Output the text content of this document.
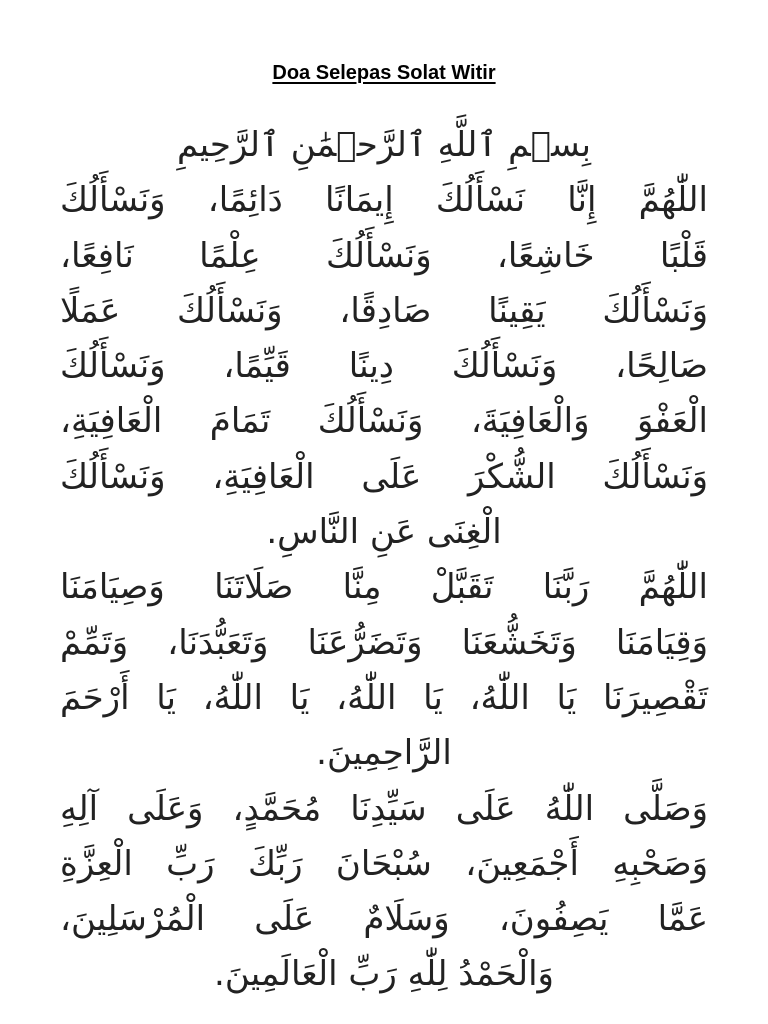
Doa Selepas Solat Witir
بِسۡمِ ٱللَّهِ ٱلرَّحۡمَٰنِ ٱلرَّحِيمِ
اللّٰهُمَّ إِنَّا نَسْأَلُكَ إِيمَانًا دَائِمًا، وَنَسْأَلُكَ
قَلْبًا خَاشِعًا، وَنَسْأَلُكَ عِلْمًا نَافِعًا،
وَنَسْأَلُكَ يَقِينًا صَادِقًا، وَنَسْأَلُكَ عَمَلًا
صَالِحًا، وَنَسْأَلُكَ دِينًا قَيِّمًا، وَنَسْأَلُكَ
الْعَفْوَ وَالْعَافِيَةَ، وَنَسْأَلُكَ تَمَامَ الْعَافِيَةِ،
وَنَسْأَلُكَ الشُّكْرَ عَلَى الْعَافِيَةِ، وَنَسْأَلُكَ
الْغِنَى عَنِ النَّاسِ.
اللّٰهُمَّ رَبَّنَا تَقَبَّلْ مِنَّا صَلَاتَنَا وَصِيَامَنَا
وَقِيَامَنَا وَتَخَشُّعَنَا وَتَضَرُّعَنَا وَتَعَبُّدَنَا، وَتَمِّمْ
تَقْصِيرَنَا يَا اللّٰهُ، يَا اللّٰهُ، يَا اللّٰهُ، يَا أَرْحَمَ
الرَّاحِمِينَ.
وَصَلَّى اللّٰهُ عَلَى سَيِّدِنَا مُحَمَّدٍ، وَعَلَى آلِهِ
وَصَحْبِهِ أَجْمَعِينَ، سُبْحَانَ رَبِّكَ رَبِّ الْعِزَّةِ
عَمَّا يَصِفُونَ، وَسَلَامٌ عَلَى الْمُرْسَلِينَ،
وَالْحَمْدُ لِلّٰهِ رَبِّ الْعَالَمِينَ.
